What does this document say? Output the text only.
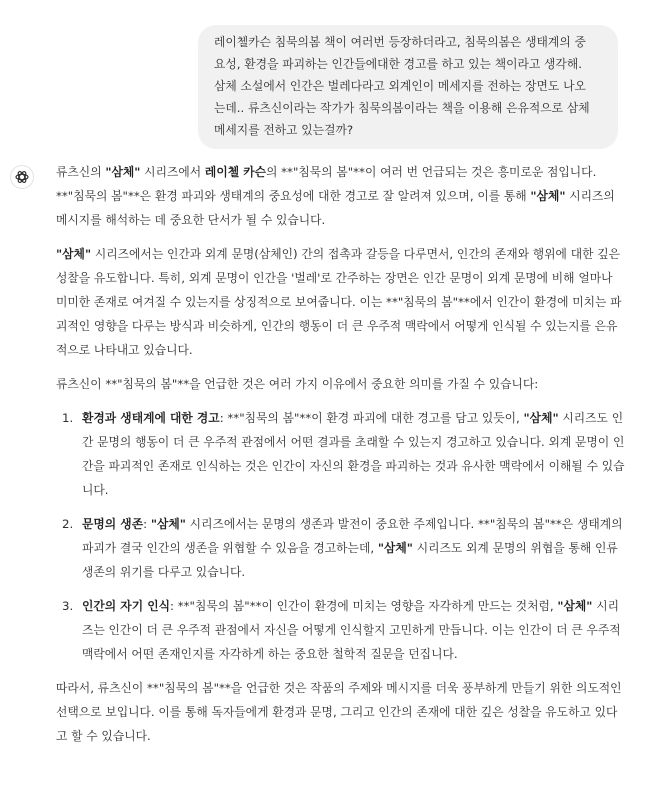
레이첼카슨 침묵의봄 책이 여러번 등장하더라고, 침묵의봄은 생태계의 중요성, 환경을 파괴하는 인간들에대한 경고를 하고 있는 책이라고 생각해. 삼체 소설에서 인간은 벌레다라고 외계인이 메세지를 전하는 장면도 나오는데.. 류츠신이라는 작가가 침묵의봄이라는 책을 이용해 은유적으로 삼체 메세지를 전하고 있는걸까?

류츠신의 "삼체" 시리즈에서 레이첼 카슨의 **"침묵의 봄"**이 여러 번 언급되는 것은 흥미로운 점입니다. **"침묵의 봄"**은 환경 파괴와 생태계의 중요성에 대한 경고로 잘 알려져 있으며, 이를 통해 "삼체" 시리즈의 메시지를 해석하는 데 중요한 단서가 될 수 있습니다.

"삼체" 시리즈에서는 인간과 외계 문명(삼체인) 간의 접촉과 갈등을 다루면서, 인간의 존재와 행위에 대한 깊은 성찰을 유도합니다. 특히, 외계 문명이 인간을 '벌레'로 간주하는 장면은 인간 문명이 외계 문명에 비해 얼마나 미미한 존재로 여겨질 수 있는지를 상징적으로 보여줍니다. 이는 **"침묵의 봄"**에서 인간이 환경에 미치는 파괴적인 영향을 다루는 방식과 비슷하게, 인간의 행동이 더 큰 우주적 맥락에서 어떻게 인식될 수 있는지를 은유적으로 나타내고 있습니다.

류츠신이 **"침묵의 봄"**을 언급한 것은 여러 가지 이유에서 중요한 의미를 가질 수 있습니다:

1. 환경과 생태계에 대한 경고: **"침묵의 봄"**이 환경 파괴에 대한 경고를 담고 있듯이, "삼체" 시리즈도 인간 문명의 행동이 더 큰 우주적 관점에서 어떤 결과를 초래할 수 있는지 경고하고 있습니다. 외계 문명이 인간을 파괴적인 존재로 인식하는 것은 인간이 자신의 환경을 파괴하는 것과 유사한 맥락에서 이해될 수 있습니다.
2. 문명의 생존: "삼체" 시리즈에서는 문명의 생존과 발전이 중요한 주제입니다. **"침묵의 봄"**은 생태계의 파괴가 결국 인간의 생존을 위협할 수 있음을 경고하는데, "삼체" 시리즈도 외계 문명의 위협을 통해 인류 생존의 위기를 다루고 있습니다.
3. 인간의 자기 인식: **"침묵의 봄"**이 인간이 환경에 미치는 영향을 자각하게 만드는 것처럼, "삼체" 시리즈는 인간이 더 큰 우주적 관점에서 자신을 어떻게 인식할지 고민하게 만듭니다. 이는 인간이 더 큰 우주적 맥락에서 어떤 존재인지를 자각하게 하는 중요한 철학적 질문을 던집니다.

따라서, 류츠신이 **"침묵의 봄"**을 언급한 것은 작품의 주제와 메시지를 더욱 풍부하게 만들기 위한 의도적인 선택으로 보입니다. 이를 통해 독자들에게 환경과 문명, 그리고 인간의 존재에 대한 깊은 성찰을 유도하고 있다고 할 수 있습니다.
